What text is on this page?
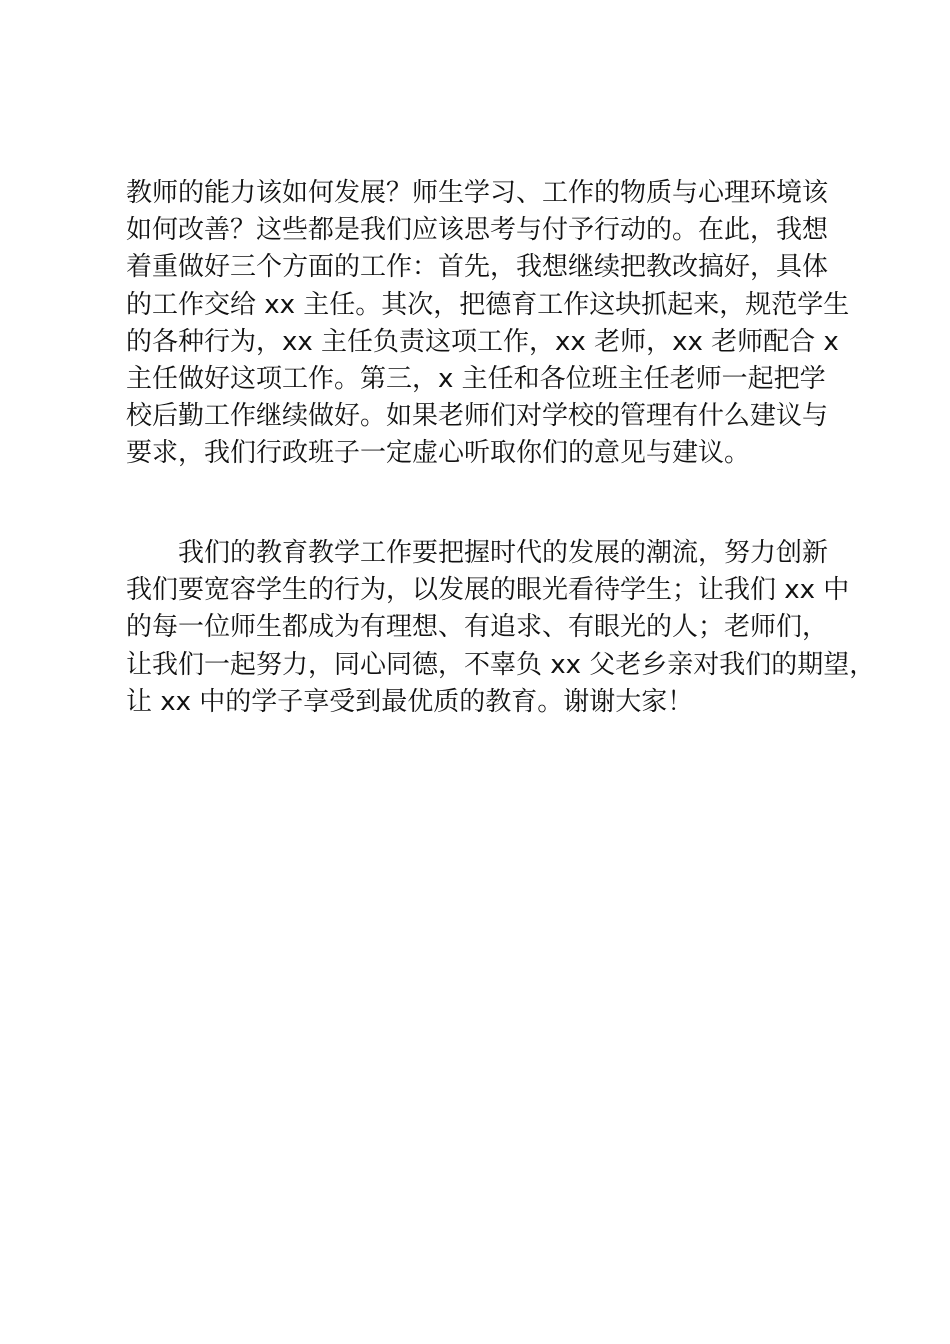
教师的能力该如何发展？师生学习、工作的物质与心理环境该
如何改善？这些都是我们应该思考与付予行动的。在此，我想
着重做好三个方面的工作：首先，我想继续把教改搞好，具体
的工作交给 xx 主任。其次，把德育工作这块抓起来，规范学生
的各种行为，xx 主任负责这项工作，xx 老师，xx 老师配合 x
主任做好这项工作。第三，x 主任和各位班主任老师一起把学
校后勤工作继续做好。如果老师们对学校的管理有什么建议与
要求，我们行政班子一定虚心听取你们的意见与建议。
我们的教育教学工作要把握时代的发展的潮流，努力创新
我们要宽容学生的行为，以发展的眼光看待学生；让我们 xx 中
的每一位师生都成为有理想、有追求、有眼光的人；老师们，
让我们一起努力，同心同德，不辜负 xx 父老乡亲对我们的期望，
让 xx 中的学子享受到最优质的教育。谢谢大家！
